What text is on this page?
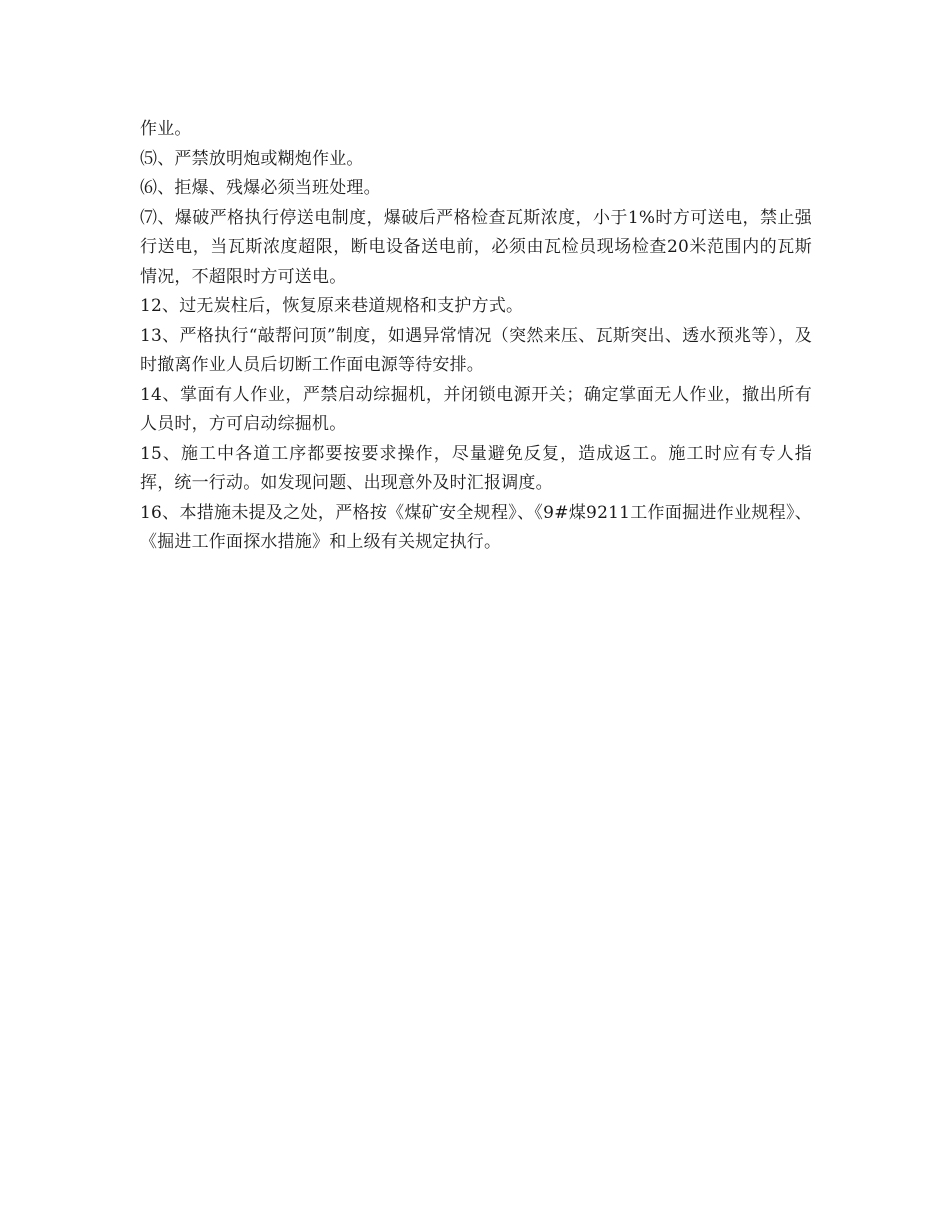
作业。

⑸、严禁放明炮或糊炮作业。

⑹、拒爆、残爆必须当班处理。

⑺、爆破严格执行停送电制度，爆破后严格检查瓦斯浓度，小于1%时方可送电，禁止强行送电，当瓦斯浓度超限，断电设备送电前，必须由瓦检员现场检查20米范围内的瓦斯情况，不超限时方可送电。

12、过无炭柱后，恢复原来巷道规格和支护方式。

13、严格执行“敲帮问顶”制度，如遇异常情况（突然来压、瓦斯突出、透水预兆等），及时撤离作业人员后切断工作面电源等待安排。

14、掌面有人作业，严禁启动综掘机，并闭锁电源开关；确定掌面无人作业，撤出所有人员时，方可启动综掘机。

15、施工中各道工序都要按要求操作，尽量避免反复，造成返工。施工时应有专人指挥，统一行动。如发现问题、出现意外及时汇报调度。

16、本措施未提及之处，严格按《煤矿安全规程》、《9#煤9211工作面掘进作业规程》、《掘进工作面探水措施》和上级有关规定执行。
